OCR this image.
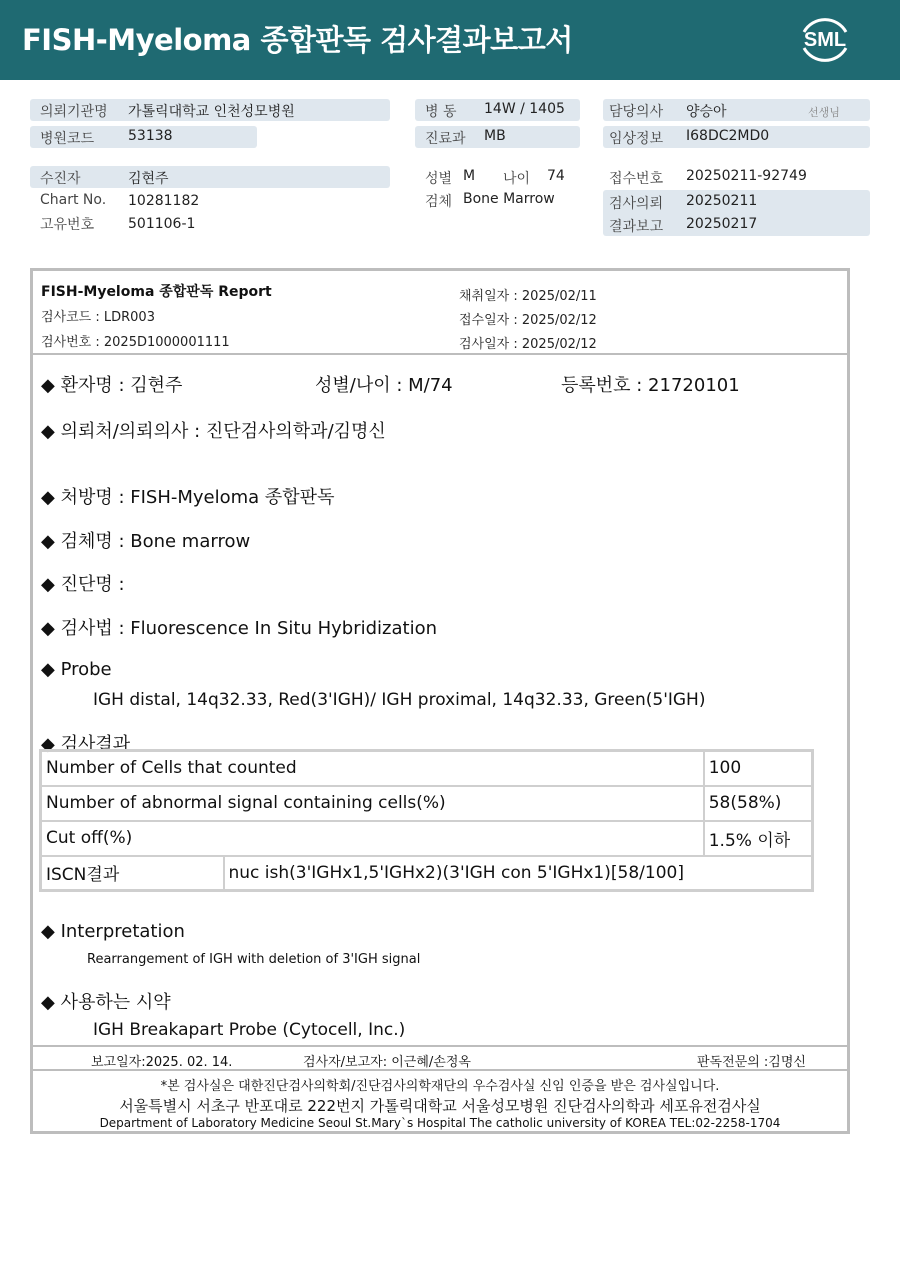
FISH-Myeloma 종합판독 검사결과보고서	SML
의뢰기관명 가톨릭대학교 인천성모병원
병원코드 53138
병 동 14W / 1405
진료과 MB
담당의사 양승아	선생님
임상정보 I68DC2MD0
수진자	김현주
Chart No. 10281182
고유번호 501106-1
성별 M 나이 74
검체 Bone Marrow
접수번호 20250211-92749
검사의뢰 20250211
결과보고 20250217
FISH-Myeloma 종합판독 Report
검사코드 : LDR003
검사번호 : 2025D1000001111
채취일자 : 2025/02/11
접수일자 : 2025/02/12
검사일자 : 2025/02/12
◆ 환자명 : 김현주	성별/나이 : M/74	등록번호 : 21720101
◆ 의뢰처/의뢰의사 : 진단검사의학과/김명신
◆ 처방명 : FISH-Myeloma 종합판독
◆ 검체명 : Bone marrow
◆ 진단명 :
◆ 검사법 : Fluorescence In Situ Hybridization
◆ Probe
IGH distal, 14q32.33, Red(3'IGH)/ IGH proximal, 14q32.33, Green(5'IGH)
◆ 검사결과
Number of Cells that counted		100
Number of abnormal signal containing cells(%)		58(58%)
Cut off(%)		1.5% 이하
ISCN결과	nuc ish(3'IGHx1,5'IGHx2)(3'IGH con 5'IGHx1)[58/100]	
◆ Interpretation
Rearrangement of IGH with deletion of 3'IGH signal
◆ 사용하는 시약
IGH Breakapart Probe (Cytocell, Inc.)
보고일자:2025. 02. 14.	검사자/보고자: 이근혜/손정옥	판독전문의 :김명신
*본 검사실은 대한진단검사의학회/진단검사의학재단의 우수검사실 신임 인증을 받은 검사실입니다.
서울특별시 서초구 반포대로 222번지 가톨릭대학교 서울성모병원 진단검사의학과 세포유전검사실
Department of Laboratory Medicine Seoul St.Mary`s Hospital The catholic university of KOREA TEL:02-2258-1704
